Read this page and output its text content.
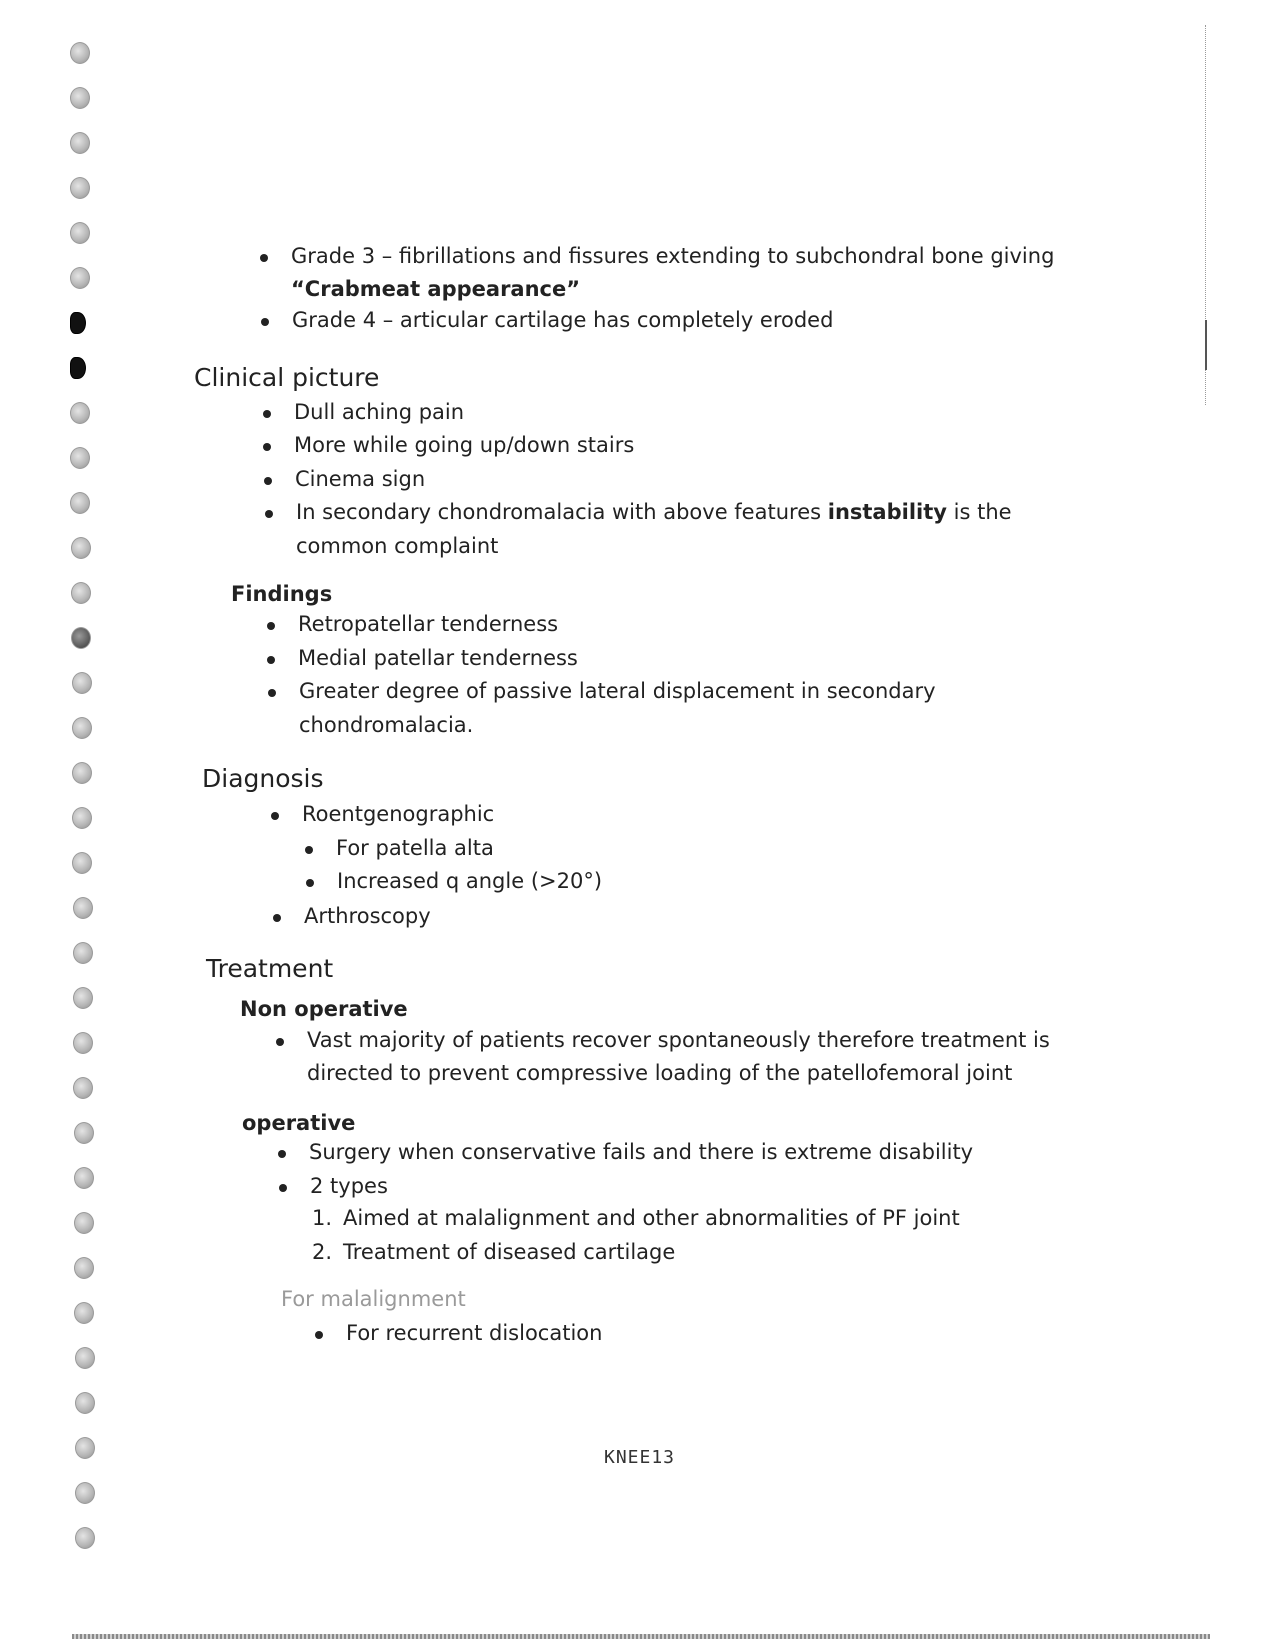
Grade 3 – fibrillations and fissures extending to subchondral bone giving
“Crabmeat appearance”
Grade 4 – articular cartilage has completely eroded
Clinical picture
Dull aching pain
More while going up/down stairs
Cinema sign
In secondary chondromalacia with above features instability is the
common complaint
Findings
Retropatellar tenderness
Medial patellar tenderness
Greater degree of passive lateral displacement in secondary
chondromalacia.
Diagnosis
Roentgenographic
For patella alta
Increased q angle (>20°)
Arthroscopy
Treatment
Non operative
Vast majority of patients recover spontaneously therefore treatment is
directed to prevent compressive loading of the patellofemoral joint
operative
Surgery when conservative fails and there is extreme disability
2 types
1. Aimed at malalignment and other abnormalities of PF joint
2. Treatment of diseased cartilage
For malalignment
For recurrent dislocation
KNEE13
